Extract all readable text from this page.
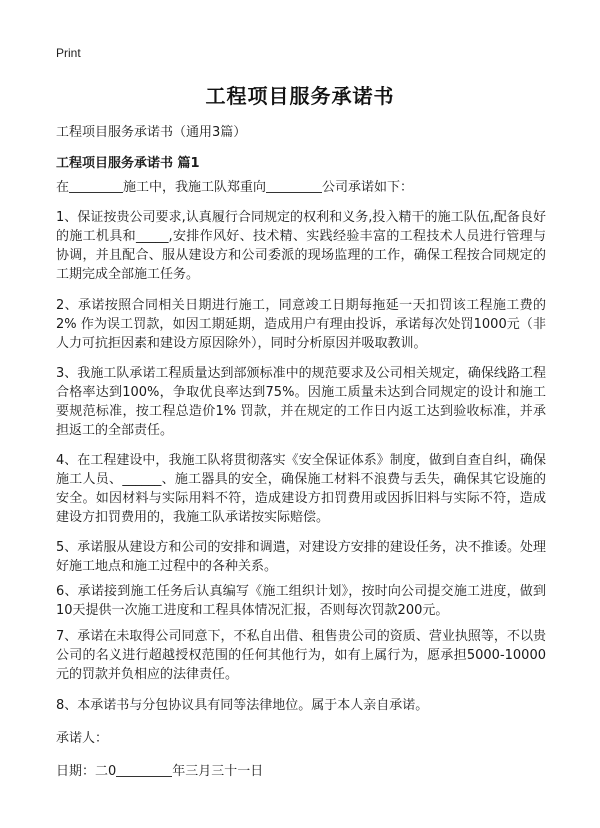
Print
工程项目服务承诺书
工程项目服务承诺书（通用3篇）
工程项目服务承诺书 篇1
在	施工中，我施工队郑重向	公司承诺如下：
1、保证按贵公司要求,认真履行合同规定的权利和义务,投入精干的施工队伍,配备良好的施工机具和_____,安排作风好、技术精、实践经验丰富的工程技术人员进行管理与协调，并且配合、服从建设方和公司委派的现场监理的工作，确保工程按合同规定的工期完成全部施工任务。
2、承诺按照合同相关日期进行施工，同意竣工日期每拖延一天扣罚该工程施工费的2% 作为误工罚款，如因工期延期，造成用户有理由投诉，承诺每次处罚1000元（非人力可抗拒因素和建设方原因除外），同时分析原因并吸取教训。
3、我施工队承诺工程质量达到部颁标准中的规范要求及公司相关规定，确保线路工程合格率达到100%，争取优良率达到75%。因施工质量未达到合同规定的设计和施工要规范标准，按工程总造价1% 罚款，并在规定的工作日内返工达到验收标准，并承担返工的全部责任。
4、在工程建设中，我施工队将贯彻落实《安全保证体系》制度，做到自查自纠，确保施工人员、______、施工器具的安全，确保施工材料不浪费与丢失，确保其它设施的安全。如因材料与实际用料不符，造成建设方扣罚费用或因拆旧料与实际不符，造成建设方扣罚费用的，我施工队承诺按实际赔偿。
5、承诺服从建设方和公司的安排和调遣，对建设方安排的建设任务，决不推诿。处理好施工地点和施工过程中的各种关系。
6、承诺接到施工任务后认真编写《施工组织计划》，按时向公司提交施工进度，做到10天提供一次施工进度和工程具体情况汇报，否则每次罚款200元。
7、承诺在未取得公司同意下，不私自出借、租售贵公司的资质、营业执照等，不以贵公司的名义进行超越授权范围的任何其他行为，如有上属行为，愿承担5000-10000元的罚款并负相应的法律责任。
8、本承诺书与分包协议具有同等法律地位。属于本人亲自承诺。
承诺人：
日期：二0	年三月三十一日
